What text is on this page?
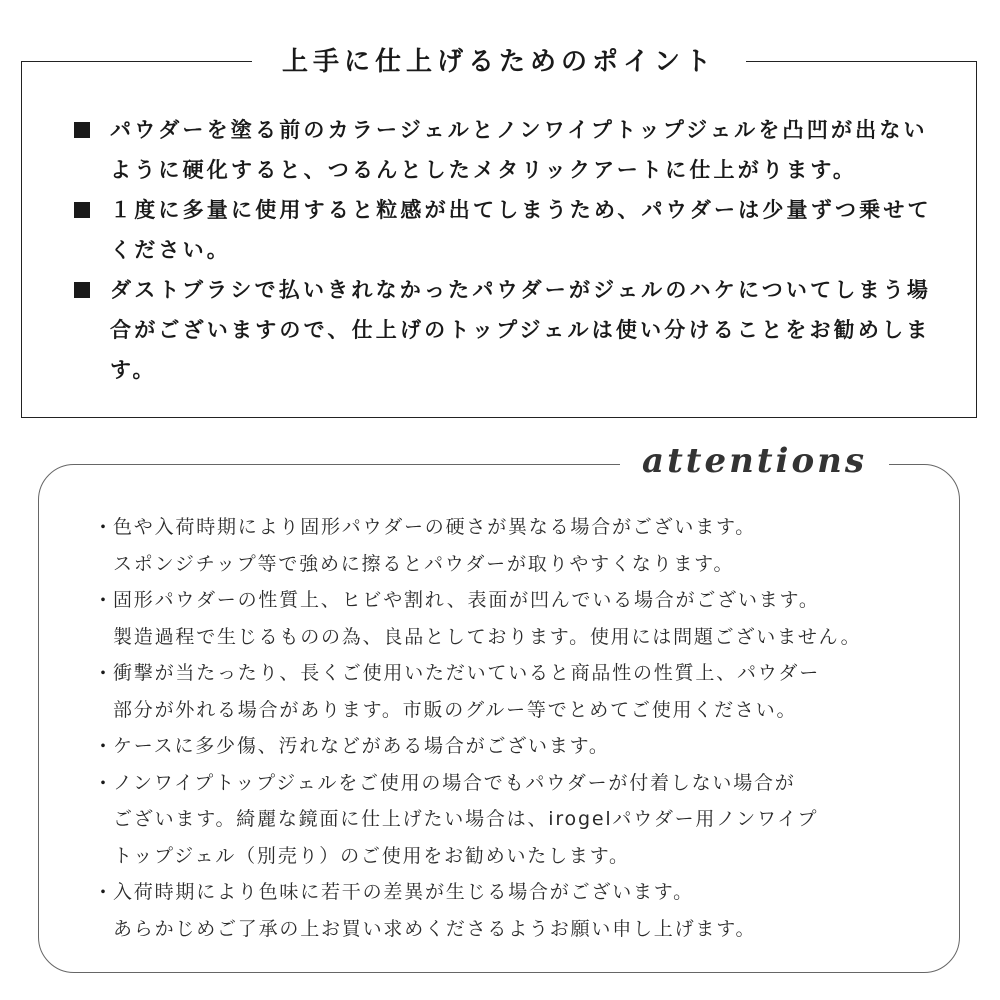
上手に仕上げるためのポイント
パウダーを塗る前のカラージェルとノンワイプトップジェルを凸凹が出ないように硬化すると、つるんとしたメタリックアートに仕上がります。
１度に多量に使用すると粒感が出てしまうため、パウダーは少量ずつ乗せてください。
ダストブラシで払いきれなかったパウダーがジェルのハケについてしまう場合がございますので、仕上げのトップジェルは使い分けることをお勧めします。
attentions
・ 色や入荷時期により固形パウダーの硬さが異なる場合がございます。
スポンジチップ等で強めに擦るとパウダーが取りやすくなります。
・ 固形パウダーの性質上、ヒビや割れ、表面が凹んでいる場合がございます。
製造過程で生じるものの為、良品としております。使用には問題ございません。
・ 衝撃が当たったり、長くご使用いただいていると商品性の性質上、パウダー
部分が外れる場合があります。市販のグルー等でとめてご使用ください。
・ ケースに多少傷、汚れなどがある場合がございます。
・ ノンワイプトップジェルをご使用の場合でもパウダーが付着しない場合が
ございます。綺麗な鏡面に仕上げたい場合は、irogelパウダー用ノンワイプ
トップジェル（別売り）のご使用をお勧めいたします。
・ 入荷時期により色味に若干の差異が生じる場合がございます。
あらかじめご了承の上お買い求めくださるようお願い申し上げます。
